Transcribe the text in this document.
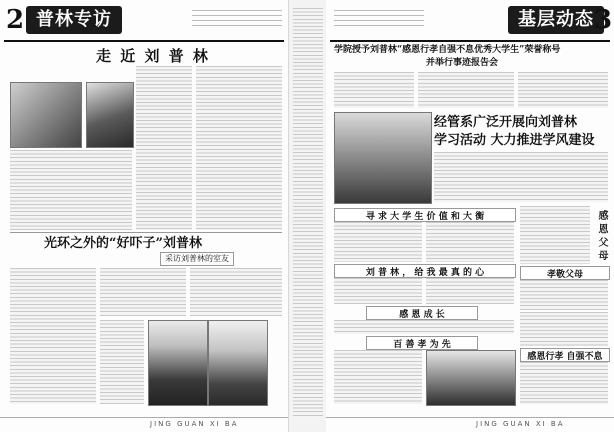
2 普林专访
走 近 刘 普 林
光环之外的“好吓子”刘普林
采访刘普林的室友
JING GUAN XI BA
基层动态 3
学院授予刘普林“感恩行孝自强不息优秀大学生”荣誉称号
并举行事迹报告会
经管系广泛开展向刘普林
学习活动 大力推进学风建设
寻 求 大 学 生 价 值 和 大 衡
刘 普 林 ， 给 我 最 真 的 心
感 恩 成 长
百 善 孝 为 先
感 恩 父 母
孝敬父母
感恩行孝 自强不息
JING GUAN XI BA
